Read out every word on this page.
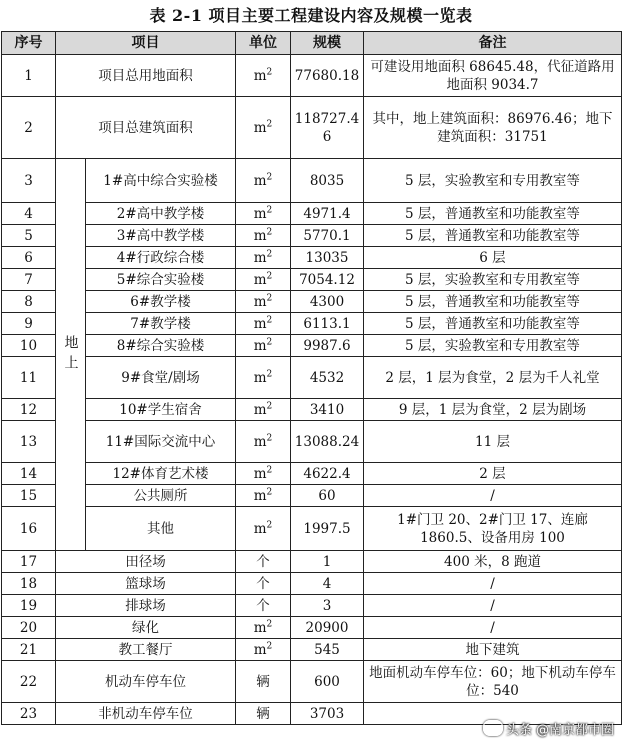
表 2-1 项目主要工程建设内容及规模一览表
序号	项目		单位	规模	备注
1	项目总用地面积		$m^2$	77680.18	可建设用地面积 68645.48，代征道路用地面积 9034.7
2	项目总建筑面积		$m^2$	118727.46	其中，地上建筑面积：86976.46；地下建筑面积：31751
3	地上	1#高中综合实验楼	$m^2$	8035	5 层，实验教室和专用教室等
4		2#高中教学楼	$m^2$	4971.4	5 层，普通教室和功能教室等
5		3#高中教学楼	$m^2$	5770.1	5 层，普通教室和功能教室等
6		4#行政综合楼	$m^2$	13035	6 层
7		5#综合实验楼	$m^2$	7054.12	5 层，实验教室和专用教室等
8		6#教学楼	$m^2$	4300	5 层，普通教室和功能教室等
9		7#教学楼	$m^2$	6113.1	5 层，普通教室和功能教室等
10		8#综合实验楼	$m^2$	9987.6	5 层，实验教室和专用教室等
11		9#食堂/剧场	$m^2$	4532	2 层，1 层为食堂，2 层为千人礼堂
12		10#学生宿舍	$m^2$	3410	9 层，1 层为食堂，2 层为剧场
13		11#国际交流中心	$m^2$	13088.24	11 层
14		12#体育艺术楼	$m^2$	4622.4	2 层
15		公共厕所	$m^2$	60	/
16		其他	$m^2$	1997.5	1#门卫 20、2#门卫 17、连廊 1860.5、设备用房 100
17	田径场		个	1	400 米，8 跑道
18	篮球场		个	4	/
19	排球场		个	3	/
20	绿化		$m^2$	20900	/
21	教工餐厅		$m^2$	545	地下建筑
22	机动车停车位		辆	600	地面机动车停车位：60；地下机动车停车位：540
23	非机动车停车位		辆	3703	
头条 @南京都市圈
